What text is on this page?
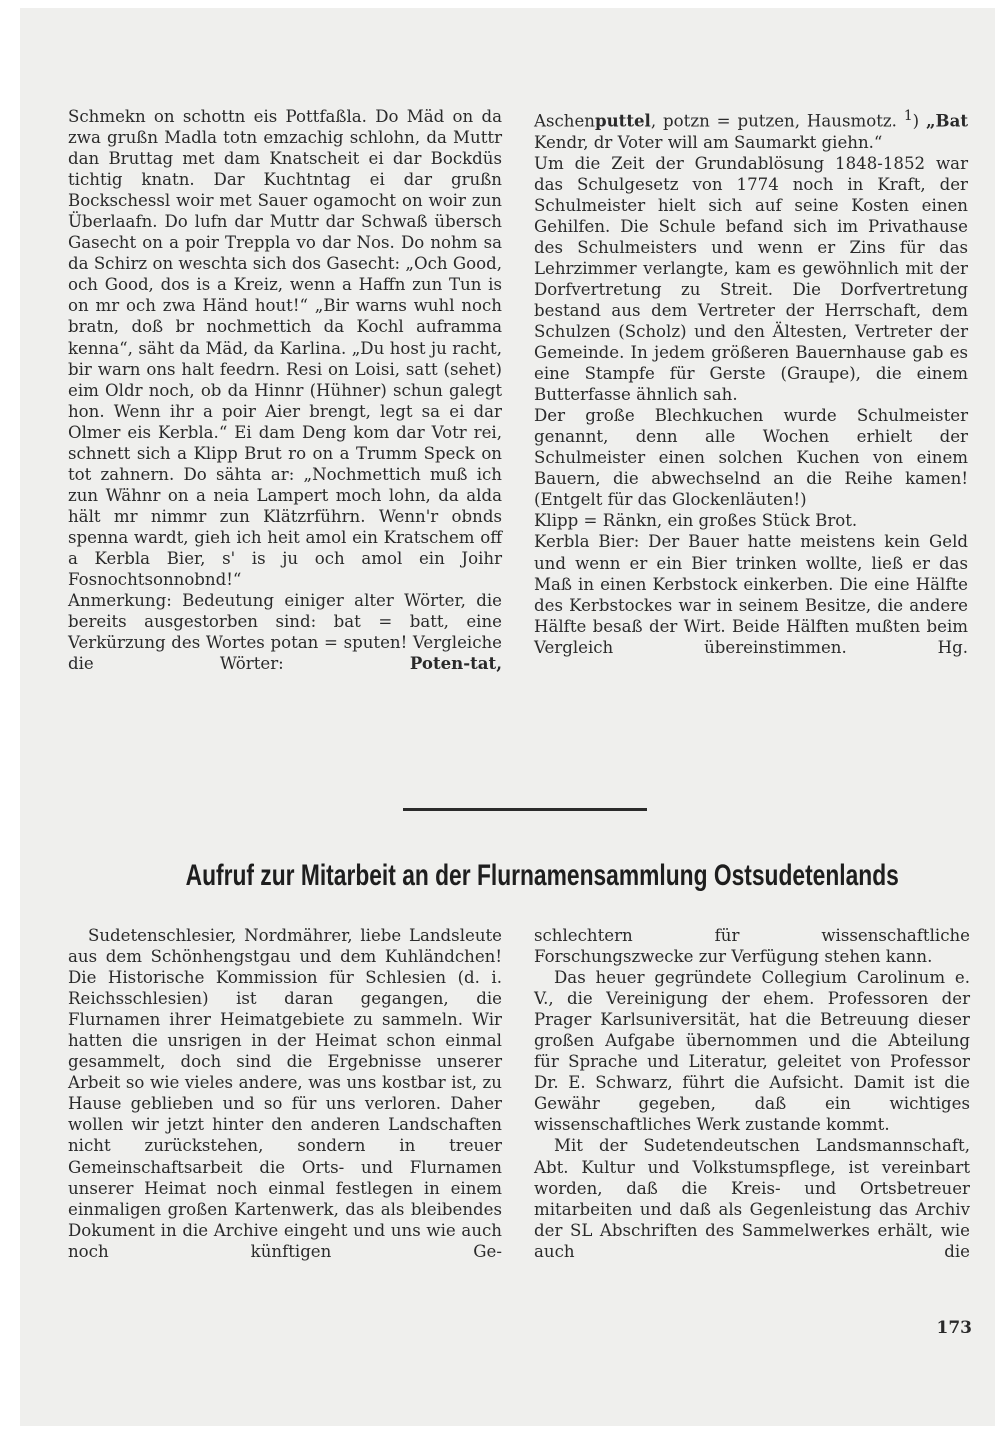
Schmekn on schottn eis Pottfaßla. Do Mäd on da zwa grußn Madla totn emzachig schlohn, da Muttr dan Bruttag met dam Knatscheit ei dar Bockdüs tichtig knatn. Dar Kuchtntag ei dar grußn Bockschessl woir met Sauer ogamocht on woir zun Überlaafn. Do lufn dar Muttr dar Schwaß übersch Gasecht on a poir Treppla vo dar Nos. Do nohm sa da Schirz on weschta sich dos Gasecht: „Och Good, och Good, dos is a Kreiz, wenn a Haffn zun Tun is on mr och zwa Händ hout!“ „Bir warns wuhl noch bratn, doß br nochmettich da Kochl auframma kenna“, säht da Mäd, da Karlina. „Du host ju racht, bir warn ons halt feedrn. Resi on Loisi, satt (sehet) eim Oldr noch, ob da Hinnr (Hühner) schun galegt hon. Wenn ihr a poir Aier brengt, legt sa ei dar Olmer eis Kerbla.“ Ei dam Deng kom dar Votr rei, schnett sich a Klipp Brut ro on a Trumm Speck on tot zahnern. Do sähta ar: „Nochmettich muß ich zun Wähnr on a neia Lampert moch lohn, da alda hält mr nimmr zun Klätzrführn. Wenn'r obnds spenna wardt, gieh ich heit amol ein Kratschem off a Kerbla Bier, s' is ju och amol ein Joihr Fosnochtsonnobnd!“

Anmerkung: Bedeutung einiger alter Wörter, die bereits ausgestorben sind: bat = batt, eine Verkürzung des Wortes potan = sputen! Vergleiche die Wörter:	Poten-tat,

Aschenputtel, potzn = putzen, Hausmotz. $^1$) „Bat Kendr, dr Voter will am Saumarkt giehn.“

Um die Zeit der Grundablösung 1848-1852 war das Schulgesetz von 1774 noch in Kraft, der Schulmeister hielt sich auf seine Kosten einen Gehilfen. Die Schule befand sich im Privathause des Schulmeisters und wenn er Zins für das Lehrzimmer verlangte, kam es gewöhnlich mit der Dorfvertretung zu Streit. Die Dorfvertretung bestand aus dem Vertreter der Herrschaft, dem Schulzen (Scholz) und den Ältesten, Vertreter der Gemeinde. In jedem größeren Bauernhause gab es eine Stampfe für Gerste (Graupe), die einem Butterfasse ähnlich sah.

Der große Blechkuchen wurde Schulmeister genannt, denn alle Wochen erhielt der Schulmeister einen solchen Kuchen von einem Bauern, die abwechselnd an die Reihe kamen! (Entgelt für das Glockenläuten!)

Klipp = Ränkn, ein großes Stück Brot.

Kerbla Bier: Der Bauer hatte meistens kein Geld und wenn er ein Bier trinken wollte, ließ er das Maß in einen Kerbstock einkerben. Die eine Hälfte des Kerbstockes war in seinem Besitze, die andere Hälfte besaß der Wirt. Beide Hälften mußten beim Vergleich übereinstimmen. Hg.

Aufruf zur Mitarbeit an der Flurnamensammlung Ostsudetenlands

Sudetenschlesier, Nordmährer, liebe Landsleute aus dem Schönhengstgau und dem Kuhländchen! Die Historische Kommission für Schlesien (d. i. Reichsschlesien) ist daran gegangen, die Flurnamen ihrer Heimatgebiete zu sammeln. Wir hatten die unsrigen in der Heimat schon einmal gesammelt, doch sind die Ergebnisse unserer Arbeit so wie vieles andere, was uns kostbar ist, zu Hause geblieben und so für uns verloren. Daher wollen wir jetzt hinter den anderen Landschaften nicht zurückstehen, sondern in treuer Gemeinschaftsarbeit die Orts- und Flurnamen unserer Heimat noch einmal festlegen in einem einmaligen großen Kartenwerk, das als bleibendes Dokument in die Archive eingeht und uns wie auch noch künftigen Ge-

schlechtern für wissenschaftliche Forschungszwecke zur Verfügung stehen kann.

Das heuer gegründete Collegium Carolinum e. V., die Vereinigung der ehem. Professoren der Prager Karlsuniversität, hat die Betreuung dieser großen Aufgabe übernommen und die Abteilung für Sprache und Literatur, geleitet von Professor Dr. E. Schwarz, führt die Aufsicht. Damit ist die Gewähr gegeben, daß ein wichtiges wissenschaftliches Werk zustande kommt.

Mit der Sudetendeutschen Landsmannschaft, Abt. Kultur und Volkstumspflege, ist vereinbart worden, daß die Kreis- und Ortsbetreuer mitarbeiten und daß als Gegenleistung das Archiv der SL Abschriften des Sammelwerkes erhält, wie auch die

173
